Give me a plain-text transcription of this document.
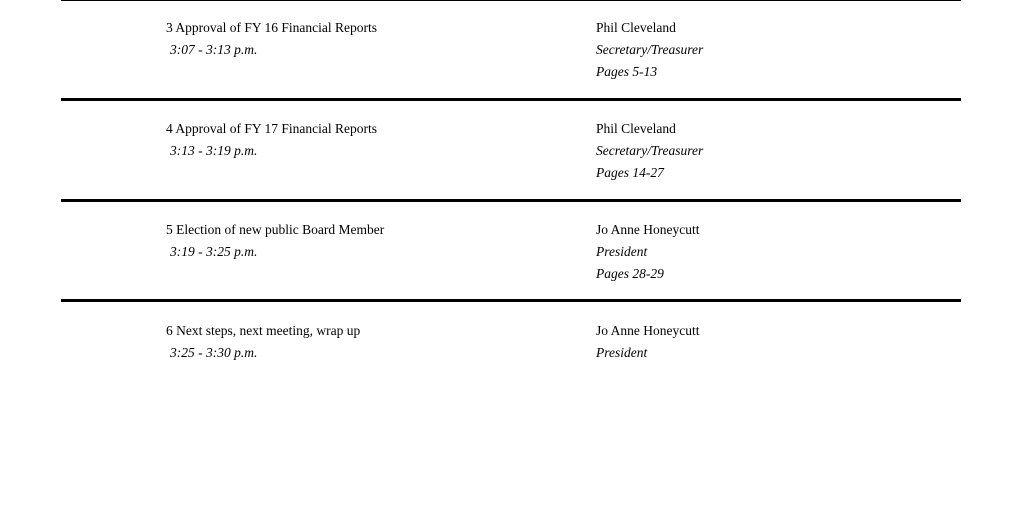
3 Approval of FY 16 Financial Reports
3:07 - 3:13 p.m.
Phil Cleveland
Secretary/Treasurer
Pages 5-13
4 Approval of FY 17 Financial Reports
3:13 - 3:19 p.m.
Phil Cleveland
Secretary/Treasurer
Pages 14-27
5 Election of new public Board Member
3:19 - 3:25 p.m.
Jo Anne Honeycutt
President
Pages 28-29
6 Next steps, next meeting, wrap up
3:25 - 3:30 p.m.
Jo Anne Honeycutt
President
